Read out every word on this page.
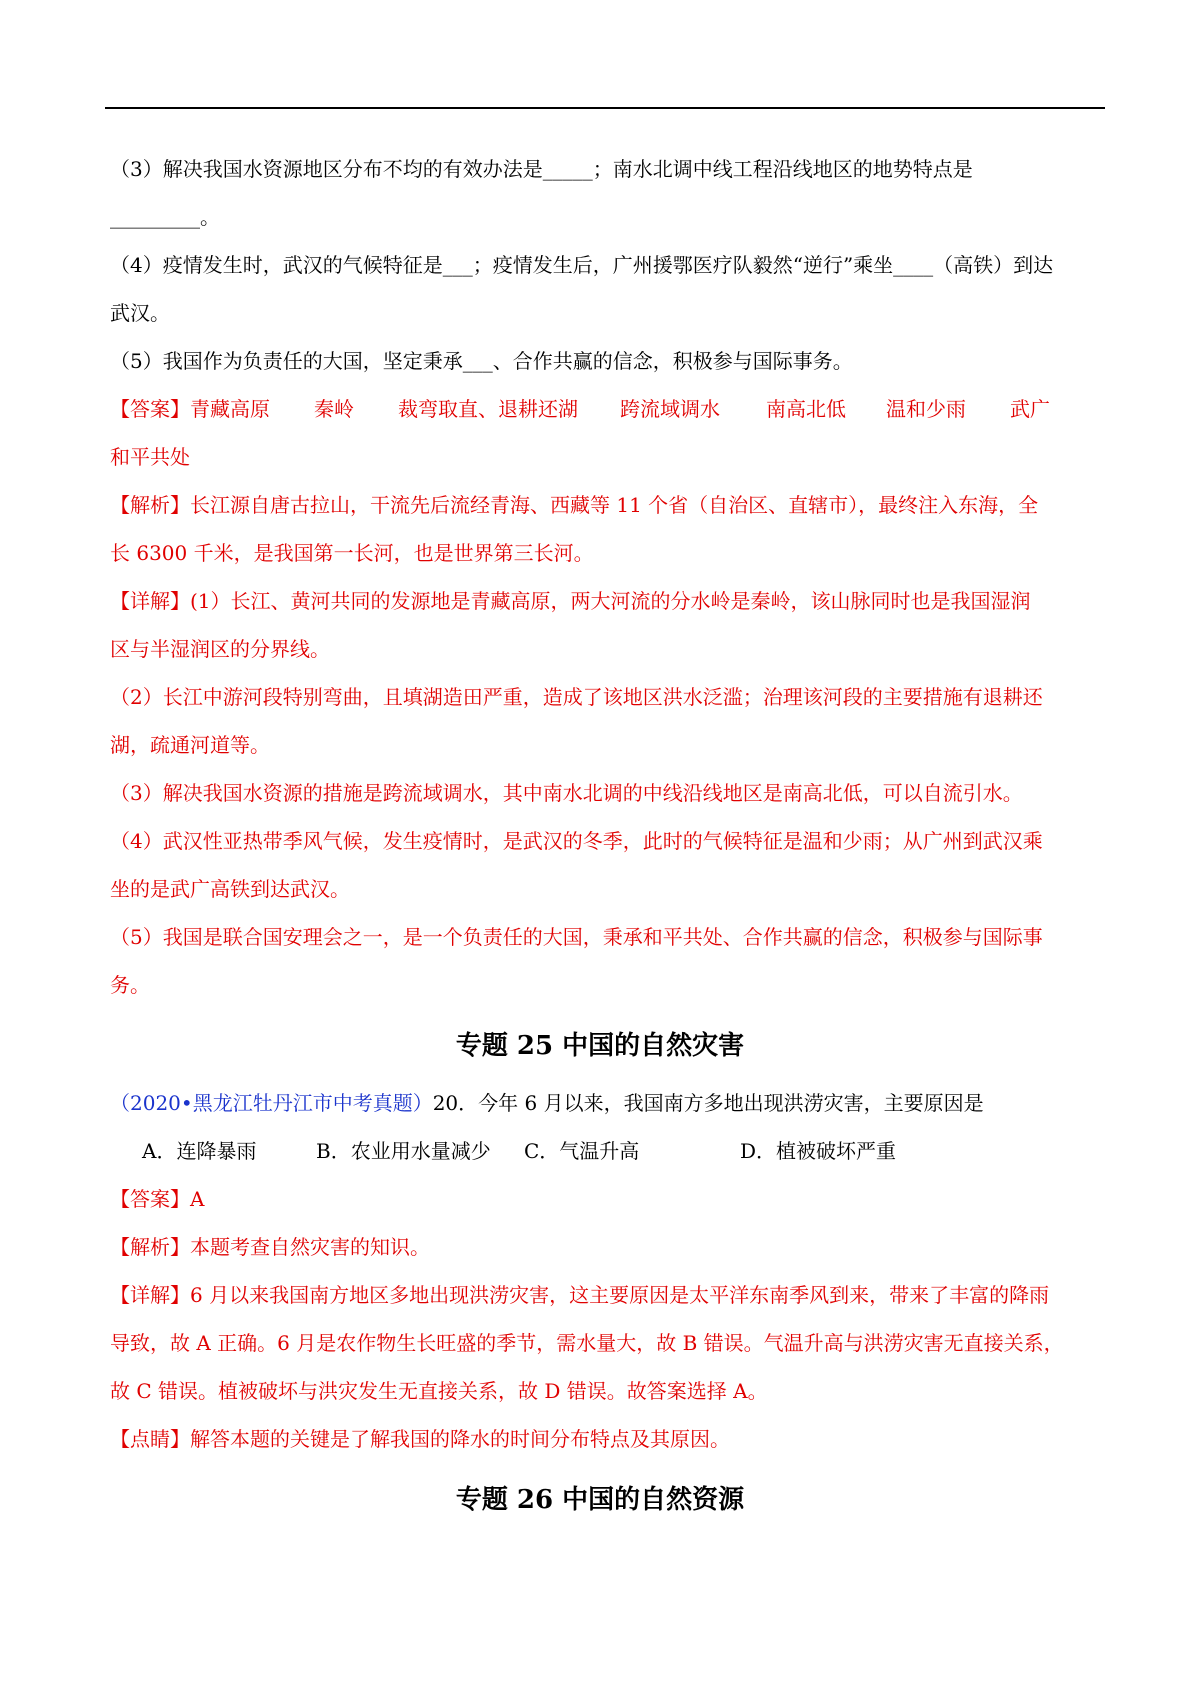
（3）解决我国水资源地区分布不均的有效办法是_____；南水北调中线工程沿线地区的地势特点是
_________。
（4）疫情发生时，武汉的气候特征是___；疫情发生后，广州援鄂医疗队毅然“逆行”乘坐____（高铁）到达
武汉。
（5）我国作为负责任的大国，坚定秉承___、合作共赢的信念，积极参与国际事务。
【答案】青藏高原 秦岭 裁弯取直、退耕还湖 跨流域调水 南高北低 温和少雨 武广
和平共处
【解析】长江源自唐古拉山，干流先后流经青海、西藏等 11 个省（自治区、直辖市），最终注入东海，全
长 6300 千米，是我国第一长河，也是世界第三长河。
【详解】(1）长江、黄河共同的发源地是青藏高原，两大河流的分水岭是秦岭，该山脉同时也是我国湿润
区与半湿润区的分界线。
（2）长江中游河段特别弯曲，且填湖造田严重，造成了该地区洪水泛滥；治理该河段的主要措施有退耕还
湖，疏通河道等。
（3）解决我国水资源的措施是跨流域调水，其中南水北调的中线沿线地区是南高北低，可以自流引水。
（4）武汉性亚热带季风气候，发生疫情时，是武汉的冬季，此时的气候特征是温和少雨；从广州到武汉乘
坐的是武广高铁到达武汉。
（5）我国是联合国安理会之一，是一个负责任的大国，秉承和平共处、合作共赢的信念，积极参与国际事
务。
专题 25 中国的自然灾害
（2020•黑龙江牡丹江市中考真题）20．今年 6 月以来，我国南方多地出现洪涝灾害，主要原因是
A．连降暴雨	B．农业用水量减少 C．气温升高	D．植被破坏严重
【答案】A
【解析】本题考查自然灾害的知识。
【详解】6 月以来我国南方地区多地出现洪涝灾害，这主要原因是太平洋东南季风到来，带来了丰富的降雨
导致，故 A 正确。6 月是农作物生长旺盛的季节，需水量大，故 B 错误。气温升高与洪涝灾害无直接关系，
故 C 错误。植被破坏与洪灾发生无直接关系，故 D 错误。故答案选择 A。
【点睛】解答本题的关键是了解我国的降水的时间分布特点及其原因。
专题 26 中国的自然资源
